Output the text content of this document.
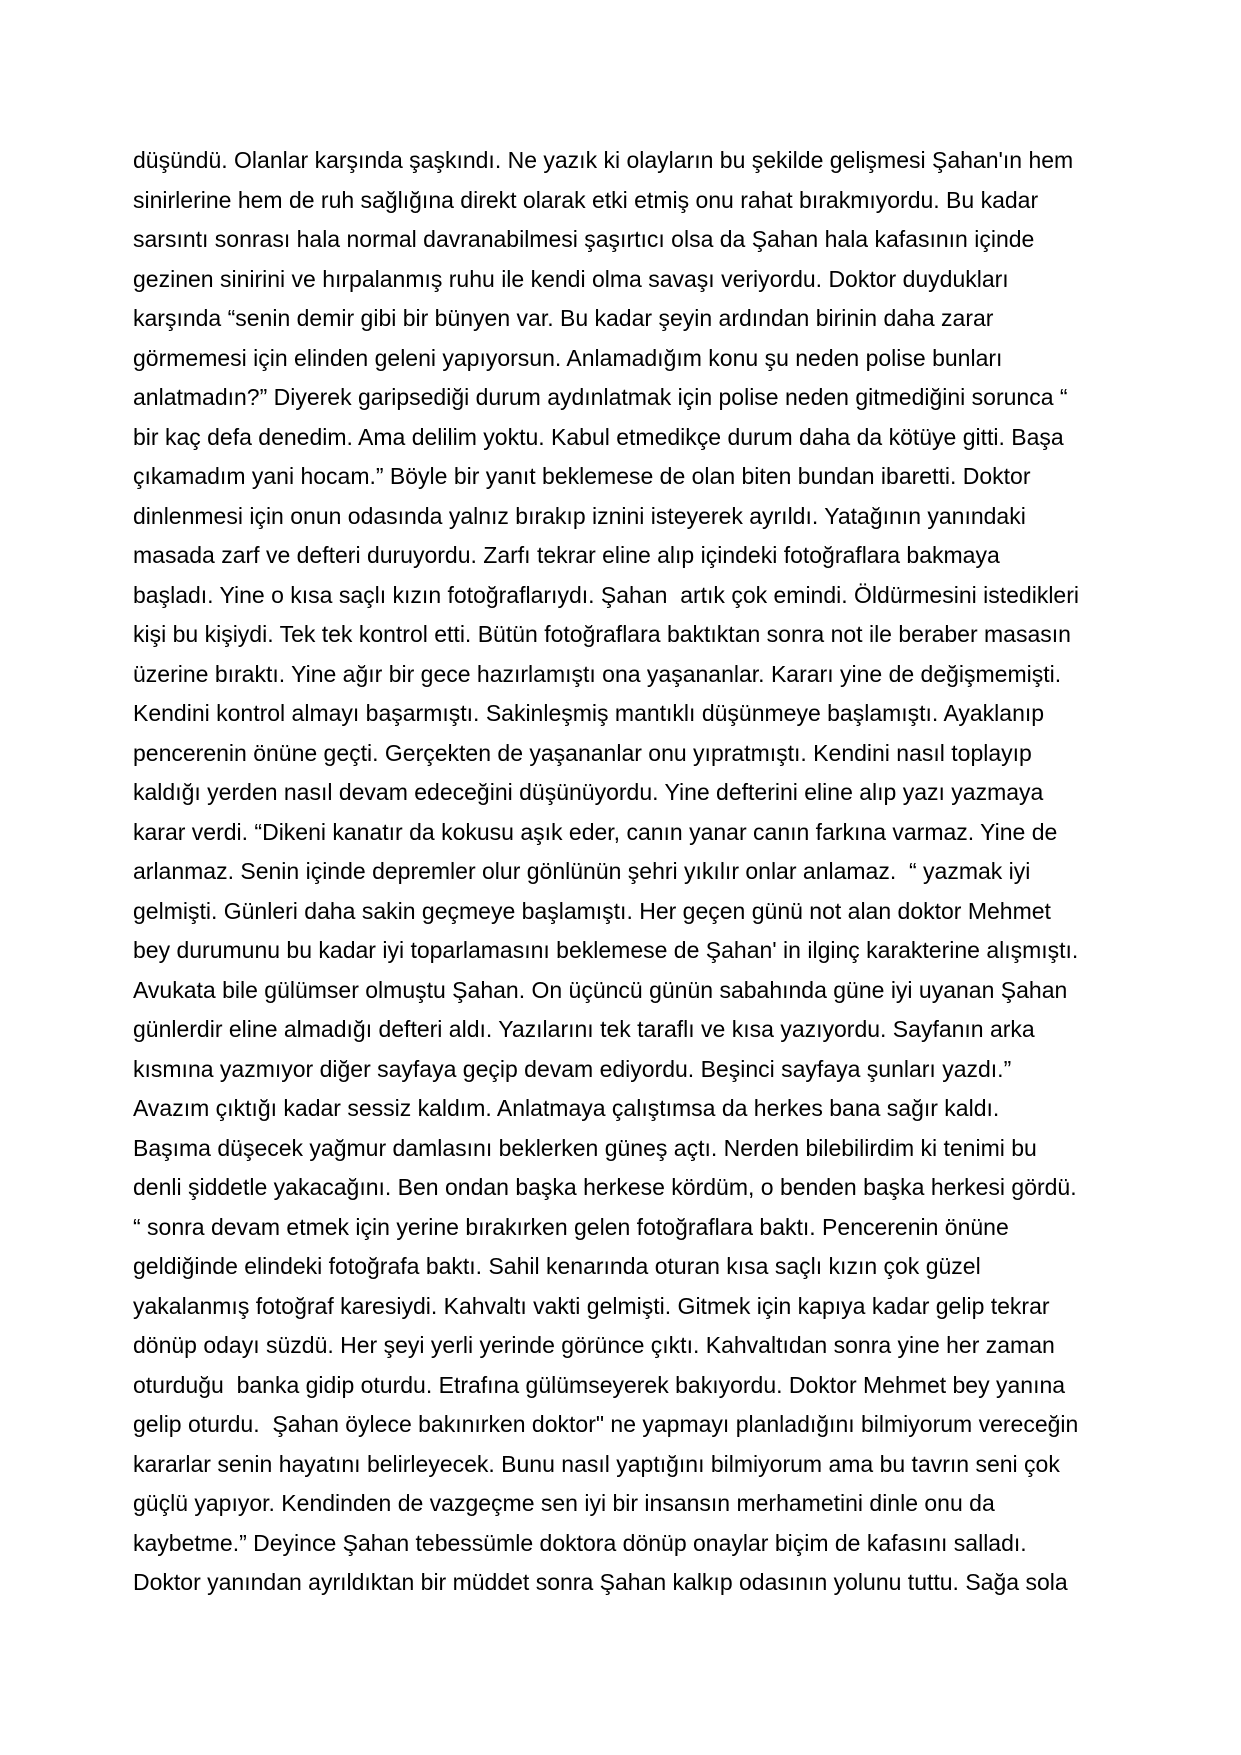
düşündü. Olanlar karşında şaşkındı. Ne yazık ki olayların bu şekilde gelişmesi Şahan'ın hem
sinirlerine hem de ruh sağlığına direkt olarak etki etmiş onu rahat bırakmıyordu. Bu kadar
sarsıntı sonrası hala normal davranabilmesi şaşırtıcı olsa da Şahan hala kafasının içinde
gezinen sinirini ve hırpalanmış ruhu ile kendi olma savaşı veriyordu. Doktor duydukları
karşında “senin demir gibi bir bünyen var. Bu kadar şeyin ardından birinin daha zarar
görmemesi için elinden geleni yapıyorsun. Anlamadığım konu şu neden polise bunları
anlatmadın?” Diyerek garipsediği durum aydınlatmak için polise neden gitmediğini sorunca “
bir kaç defa denedim. Ama delilim yoktu. Kabul etmedikçe durum daha da kötüye gitti. Başa
çıkamadım yani hocam.” Böyle bir yanıt beklemese de olan biten bundan ibaretti. Doktor
dinlenmesi için onun odasında yalnız bırakıp iznini isteyerek ayrıldı. Yatağının yanındaki
masada zarf ve defteri duruyordu. Zarfı tekrar eline alıp içindeki fotoğraflara bakmaya
başladı. Yine o kısa saçlı kızın fotoğraflarıydı. Şahan  artık çok emindi. Öldürmesini istedikleri
kişi bu kişiydi. Tek tek kontrol etti. Bütün fotoğraflara baktıktan sonra not ile beraber masasın
üzerine bıraktı. Yine ağır bir gece hazırlamıştı ona yaşananlar. Kararı yine de değişmemişti.
Kendini kontrol almayı başarmıştı. Sakinleşmiş mantıklı düşünmeye başlamıştı. Ayaklanıp
pencerenin önüne geçti. Gerçekten de yaşananlar onu yıpratmıştı. Kendini nasıl toplayıp
kaldığı yerden nasıl devam edeceğini düşünüyordu. Yine defterini eline alıp yazı yazmaya
karar verdi. “Dikeni kanatır da kokusu aşık eder, canın yanar canın farkına varmaz. Yine de
arlanmaz. Senin içinde depremler olur gönlünün şehri yıkılır onlar anlamaz.  “ yazmak iyi
gelmişti. Günleri daha sakin geçmeye başlamıştı. Her geçen günü not alan doktor Mehmet
bey durumunu bu kadar iyi toparlamasını beklemese de Şahan' in ilginç karakterine alışmıştı.
Avukata bile gülümser olmuştu Şahan. On üçüncü günün sabahında güne iyi uyanan Şahan
günlerdir eline almadığı defteri aldı. Yazılarını tek taraflı ve kısa yazıyordu. Sayfanın arka
kısmına yazmıyor diğer sayfaya geçip devam ediyordu. Beşinci sayfaya şunları yazdı.”
Avazım çıktığı kadar sessiz kaldım. Anlatmaya çalıştımsa da herkes bana sağır kaldı.
Başıma düşecek yağmur damlasını beklerken güneş açtı. Nerden bilebilirdim ki tenimi bu
denli şiddetle yakacağını. Ben ondan başka herkese kördüm, o benden başka herkesi gördü.
“ sonra devam etmek için yerine bırakırken gelen fotoğraflara baktı. Pencerenin önüne
geldiğinde elindeki fotoğrafa baktı. Sahil kenarında oturan kısa saçlı kızın çok güzel
yakalanmış fotoğraf karesiydi. Kahvaltı vakti gelmişti. Gitmek için kapıya kadar gelip tekrar
dönüp odayı süzdü. Her şeyi yerli yerinde görünce çıktı. Kahvaltıdan sonra yine her zaman
oturduğu  banka gidip oturdu. Etrafına gülümseyerek bakıyordu. Doktor Mehmet bey yanına
gelip oturdu.  Şahan öylece bakınırken doktor" ne yapmayı planladığını bilmiyorum vereceğin
kararlar senin hayatını belirleyecek. Bunu nasıl yaptığını bilmiyorum ama bu tavrın seni çok
güçlü yapıyor. Kendinden de vazgeçme sen iyi bir insansın merhametini dinle onu da
kaybetme.” Deyince Şahan tebessümle doktora dönüp onaylar biçim de kafasını salladı.
Doktor yanından ayrıldıktan bir müddet sonra Şahan kalkıp odasının yolunu tuttu. Sağa sola
